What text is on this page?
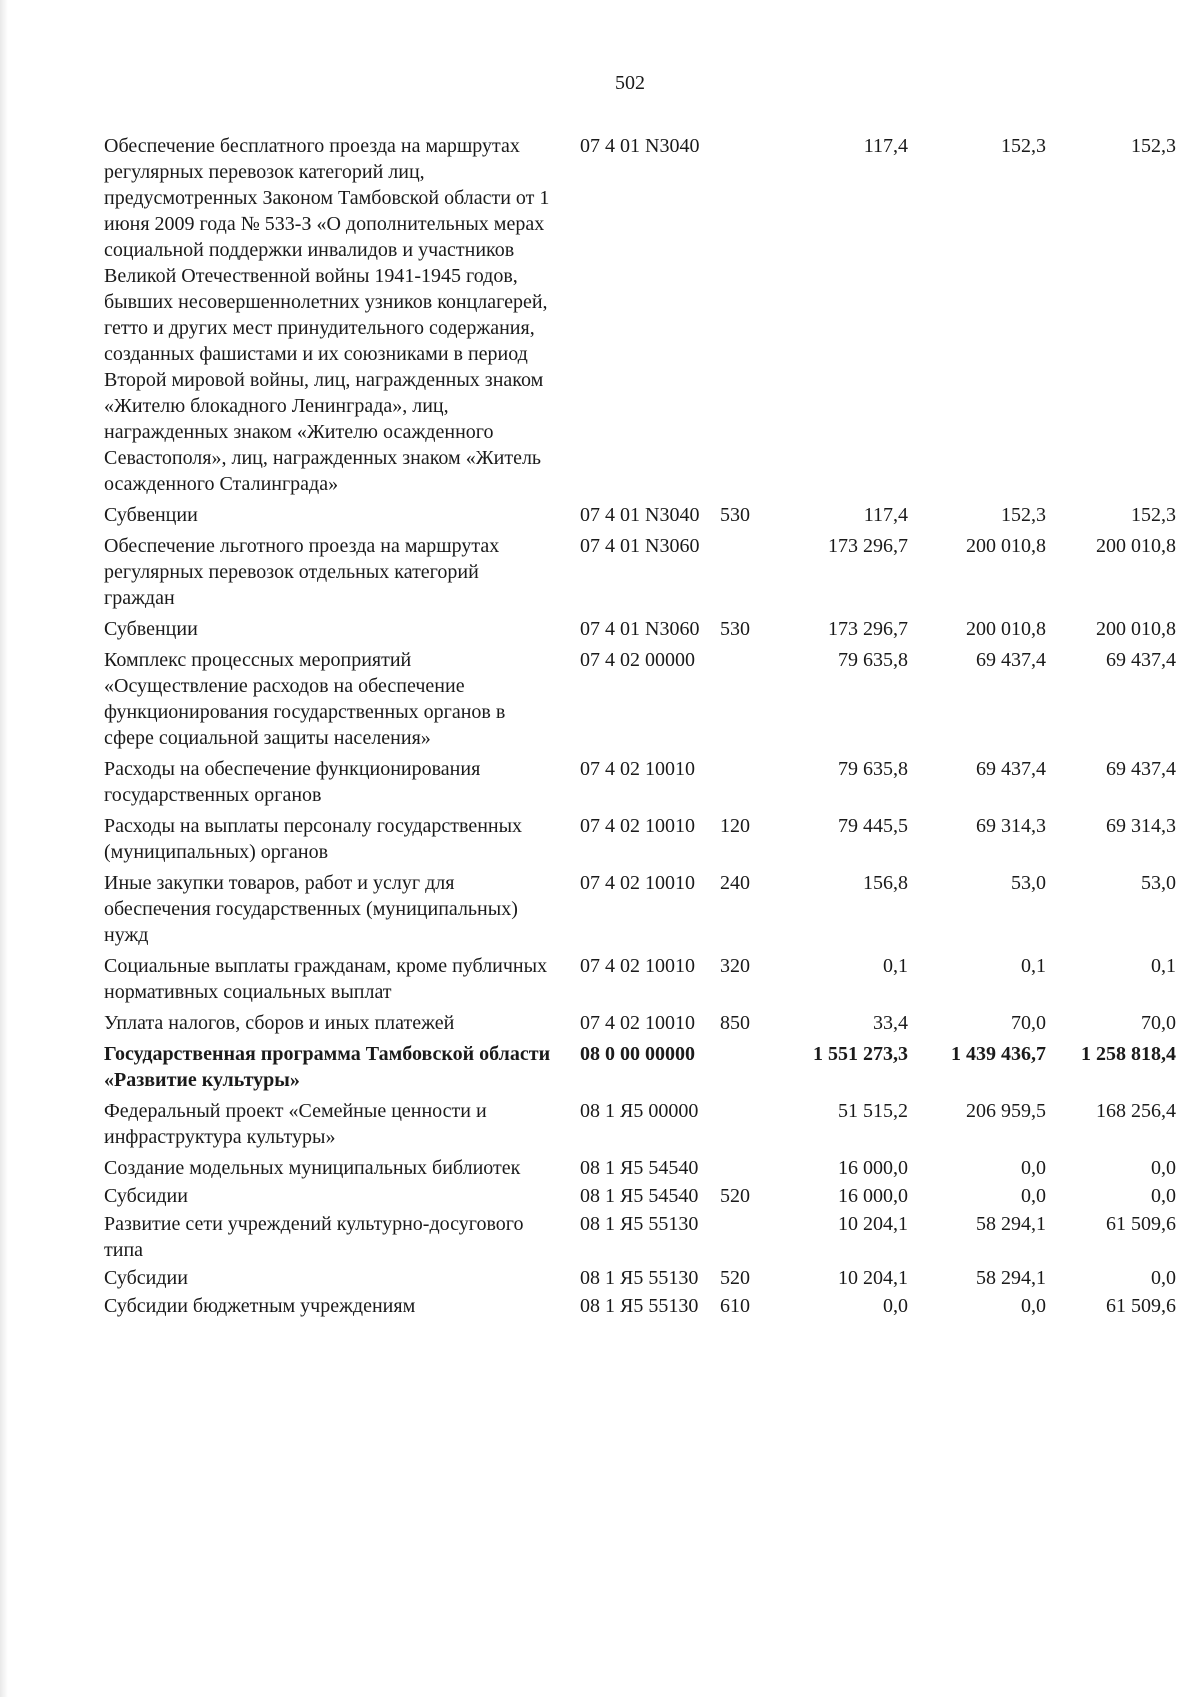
502
Обеспечение бесплатного проезда на маршрутах регулярных перевозок категорий лиц, предусмотренных Законом Тамбовской области от 1 июня 2009 года № 533-З «О дополнительных мерах социальной поддержки инвалидов и участников Великой Отечественной войны 1941-1945 годов, бывших несовершеннолетних узников концлагерей, гетто и других мест принудительного содержания, созданных фашистами и их союзниками в период Второй мировой войны, лиц, награжденных знаком «Жителю блокадного Ленинграда», лиц, награжденных знаком «Жителю осажденного Севастополя», лиц, награжденных знаком «Житель осажденного Сталинграда»	07 4 01 N3040		117,4	152,3	152,3
Субвенции	07 4 01 N3040	530	117,4	152,3	152,3
Обеспечение льготного проезда на маршрутах регулярных перевозок отдельных категорий граждан	07 4 01 N3060		173 296,7	200 010,8	200 010,8
Субвенции	07 4 01 N3060	530	173 296,7	200 010,8	200 010,8
Комплекс процессных мероприятий «Осуществление расходов на обеспечение функционирования государственных органов в сфере социальной защиты населения»	07 4 02 00000		79 635,8	69 437,4	69 437,4
Расходы на обеспечение функционирования государственных органов	07 4 02 10010		79 635,8	69 437,4	69 437,4
Расходы на выплаты персоналу государственных (муниципальных) органов	07 4 02 10010	120	79 445,5	69 314,3	69 314,3
Иные закупки товаров, работ и услуг для обеспечения государственных (муниципальных) нужд	07 4 02 10010	240	156,8	53,0	53,0
Социальные выплаты гражданам, кроме публичных нормативных социальных выплат	07 4 02 10010	320	0,1	0,1	0,1
Уплата налогов, сборов и иных платежей	07 4 02 10010	850	33,4	70,0	70,0
Государственная программа Тамбовской области «Развитие культуры»	08 0 00 00000		1 551 273,3	1 439 436,7	1 258 818,4
Федеральный проект «Семейные ценности и инфраструктура культуры»	08 1 Я5 00000		51 515,2	206 959,5	168 256,4
Создание модельных муниципальных библиотек	08 1 Я5 54540		16 000,0	0,0	0,0
Субсидии	08 1 Я5 54540	520	16 000,0	0,0	0,0
Развитие сети учреждений культурно-досугового типа	08 1 Я5 55130		10 204,1	58 294,1	61 509,6
Субсидии	08 1 Я5 55130	520	10 204,1	58 294,1	0,0
Субсидии бюджетным учреждениям	08 1 Я5 55130	610	0,0	0,0	61 509,6
